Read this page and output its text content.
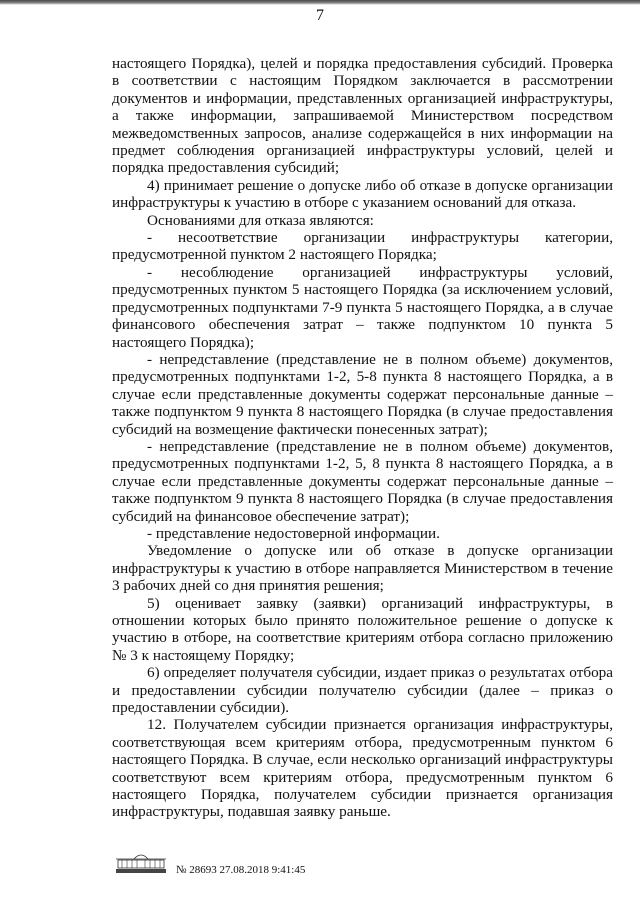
7

настоящего Порядка), целей и порядка предоставления субсидий. Проверка в соответствии с настоящим Порядком заключается в рассмотрении документов и информации, представленных организацией инфраструктуры, а также информации, запрашиваемой Министерством посредством межведомственных запросов, анализе содержащейся в них информации на предмет соблюдения организацией инфраструктуры условий, целей и порядка предоставления субсидий;

4) принимает решение о допуске либо об отказе в допуске организации инфраструктуры к участию в отборе с указанием оснований для отказа.

Основаниями для отказа являются:

- несоответствие организации инфраструктуры категории, предусмотренной пунктом 2 настоящего Порядка;

- несоблюдение организацией инфраструктуры условий, предусмотренных пунктом 5 настоящего Порядка (за исключением условий, предусмотренных подпунктами 7-9 пункта 5 настоящего Порядка, а в случае финансового обеспечения затрат – также подпунктом 10 пункта 5 настоящего Порядка);

- непредставление (представление не в полном объеме) документов, предусмотренных подпунктами 1-2, 5-8 пункта 8 настоящего Порядка, а в случае если представленные документы содержат персональные данные – также подпунктом 9 пункта 8 настоящего Порядка (в случае предоставления субсидий на возмещение фактически понесенных затрат);

- непредставление (представление не в полном объеме) документов, предусмотренных подпунктами 1-2, 5, 8 пункта 8 настоящего Порядка, а в случае если представленные документы содержат персональные данные – также подпунктом 9 пункта 8 настоящего Порядка (в случае предоставления субсидий на финансовое обеспечение затрат);

- представление недостоверной информации.

Уведомление о допуске или об отказе в допуске организации инфраструктуры к участию в отборе направляется Министерством в течение 3 рабочих дней со дня принятия решения;

5) оценивает заявку (заявки) организаций инфраструктуры, в отношении которых было принято положительное решение о допуске к участию в отборе, на соответствие критериям отбора согласно приложению № 3 к настоящему Порядку;

6) определяет получателя субсидии, издает приказ о результатах отбора и предоставлении субсидии получателю субсидии (далее – приказ о предоставлении субсидии).

12. Получателем субсидии признается организация инфраструктуры, соответствующая всем критериям отбора, предусмотренным пунктом 6 настоящего Порядка. В случае, если несколько организаций инфраструктуры соответствуют всем критериям отбора, предусмотренным пунктом 6 настоящего Порядка, получателем субсидии признается организация инфраструктуры, подавшая заявку раньше.

№ 28693 27.08.2018 9:41:45
